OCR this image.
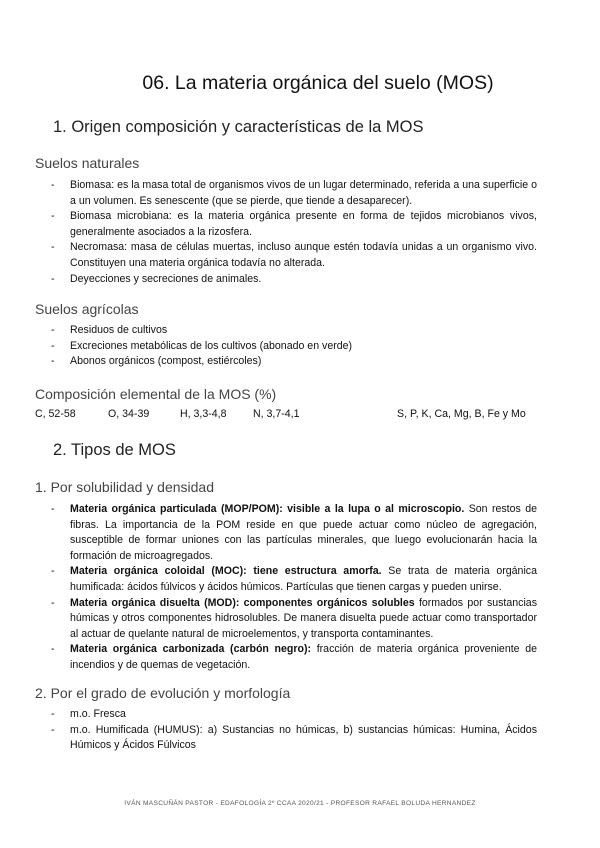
06. La materia orgánica del suelo (MOS)
1. Origen composición y características de la MOS
Suelos naturales
- Biomasa: es la masa total de organismos vivos de un lugar determinado, referida a una superficie o a un volumen. Es senescente (que se pierde, que tiende a desaparecer).
- Biomasa microbiana: es la materia orgánica presente en forma de tejidos microbianos vivos, generalmente asociados a la rizosfera.
- Necromasa: masa de células muertas, incluso aunque estén todavía unidas a un organismo vivo. Constituyen una materia orgánica todavía no alterada.
- Deyecciones y secreciones de animales.
Suelos agrícolas
- Residuos de cultivos
- Excreciones metabólicas de los cultivos (abonado en verde)
- Abonos orgánicos (compost, estiércoles)
Composición elemental de la MOS (%)
C, 52-58	O, 34-39	H, 3,3-4,8 N, 3,7-4,1	S, P, K, Ca, Mg, B, Fe y Mo
2. Tipos de MOS
1. Por solubilidad y densidad
- Materia orgánica particulada (MOP/POM): visible a la lupa o al microscopio. Son restos de fibras. La importancia de la POM reside en que puede actuar como núcleo de agregación, susceptible de formar uniones con las partículas minerales, que luego evolucionarán hacia la formación de microagregados.
- Materia orgánica coloidal (MOC): tiene estructura amorfa. Se trata de materia orgánica humificada: ácidos fúlvicos y ácidos húmicos. Partículas que tienen cargas y pueden unirse.
- Materia orgánica disuelta (MOD): componentes orgánicos solubles formados por sustancias húmicas y otros componentes hidrosolubles. De manera disuelta puede actuar como transportador al actuar de quelante natural de microelementos, y transporta contaminantes.
- Materia orgánica carbonizada (carbón negro): fracción de materia orgánica proveniente de incendios y de quemas de vegetación.
2. Por el grado de evolución y morfología
- m.o. Fresca
- m.o. Humificada (HUMUS): a) Sustancias no húmicas, b) sustancias húmicas: Humina, Ácidos Húmicos y Ácidos Fúlvicos
IVÁN MASCUÑÁN PASTOR - EDAFOLOGÍA 2º CCAA 2020/21 - PROFESOR RAFAEL BOLUDA HERNANDEZ
